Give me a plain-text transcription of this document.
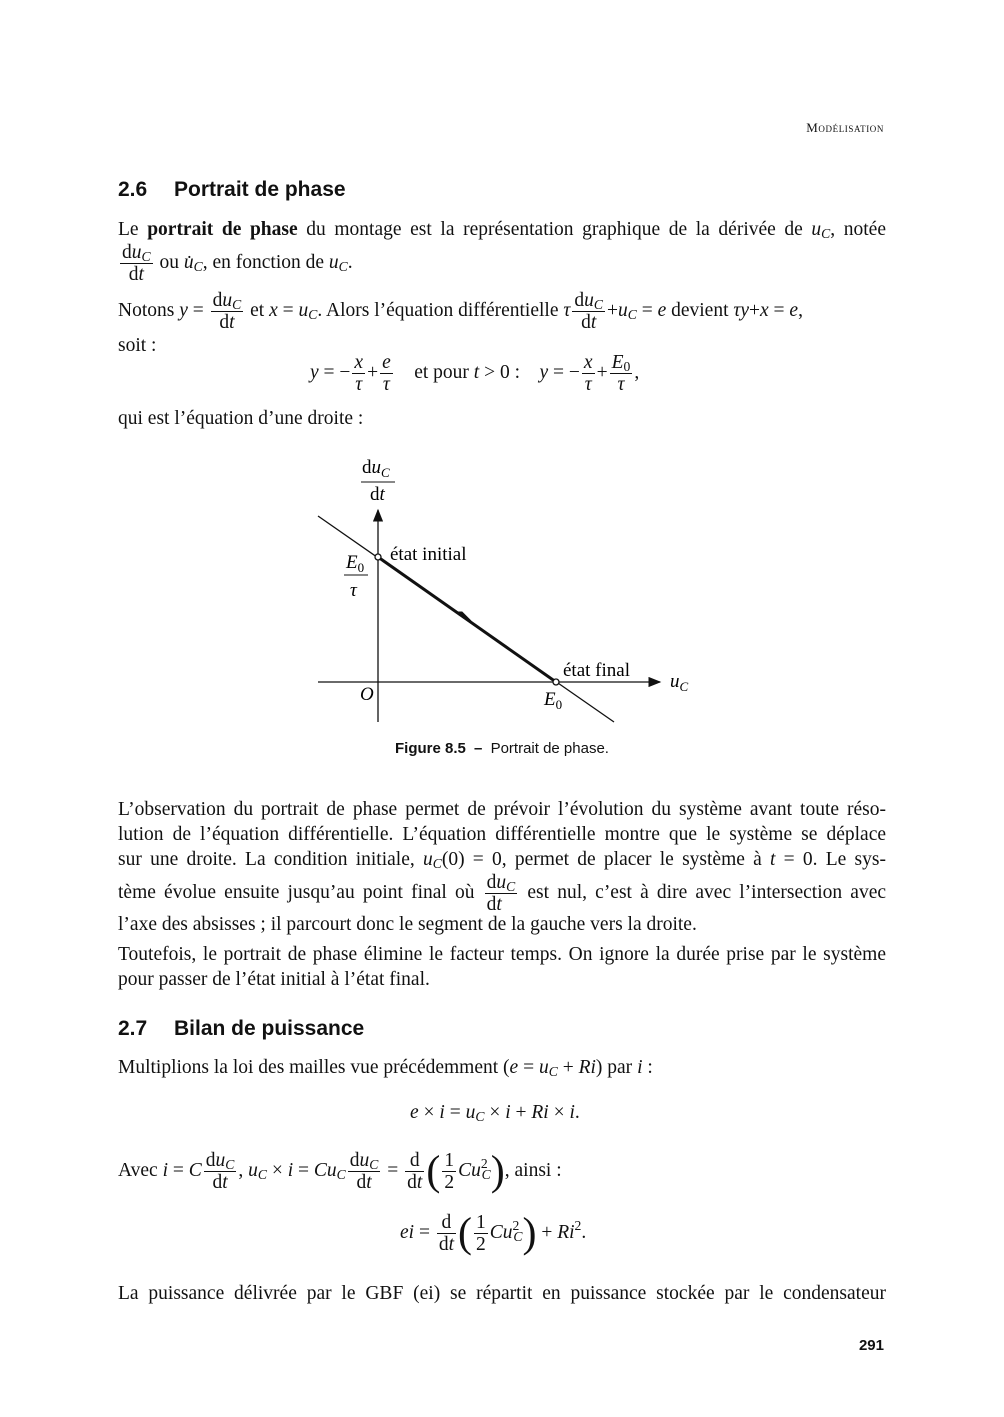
Modélisation
2.6 Portrait de phase
Le portrait de phase du montage est la représentation graphique de la dérivée de $u_C$, notée
$\frac{du_C}{dt}$ ou $u̇_C$, en fonction de $u_C$.
Notons $y = \frac{du_C}{dt}$ et $x = u_C$. Alors l’équation différentielle τ $\frac{du_C}{dt} +u_C = e$ devient τy+x = e,
soit :
y = − $\frac{x}{\tau} + \frac{e}{\tau}$ et pour t > 0 :    y = − $\frac{x}{\tau} + \frac{E_0}{\tau}$ ,
qui est l’équation d’une droite :
$du_C$
dt
$E_0$
τ
$u_C$
$E_0$
état initial
état final
O
Figure 8.5 – Portrait de phase.
L’observation du portrait de phase permet de prévoir l’évolution du système avant toute réso-
lution de l’équation différentielle. L’équation différentielle montre que le système se déplace
sur une droite. La condition initiale, $u_C(0) = 0$, permet de placer le système à t = 0. Le sys-
tème évolue ensuite jusqu’au point final où $\frac{du_C}{dt}$ est nul, c’est à dire avec l’intersection avec
l’axe des absisses ; il parcourt donc le segment de la gauche vers la droite.
Toutefois, le portrait de phase élimine le facteur temps. On ignore la durée prise par le système
pour passer de l’état initial à l’état final.
2.7 Bilan de puissance
Multiplions la loi des mailles vue précédemment $(e = u_C + Ri)$ par i :
$e \times i = u_C \times i + Ri \times i$.
Avec i = C $\frac{du_C}{dt}$ , $u_C \times i = Cu_C \frac{du_C}{dt} = \frac{d}{dt}$ ( $\frac{1}{2} Cu^2_C$), ainsi :
ei = $\frac{d}{dt}$ ( $\frac{1}{2} Cu^2_C) + Ri^2$.
La puissance délivrée par le GBF (ei) se répartit en puissance stockée par le condensateur
291
